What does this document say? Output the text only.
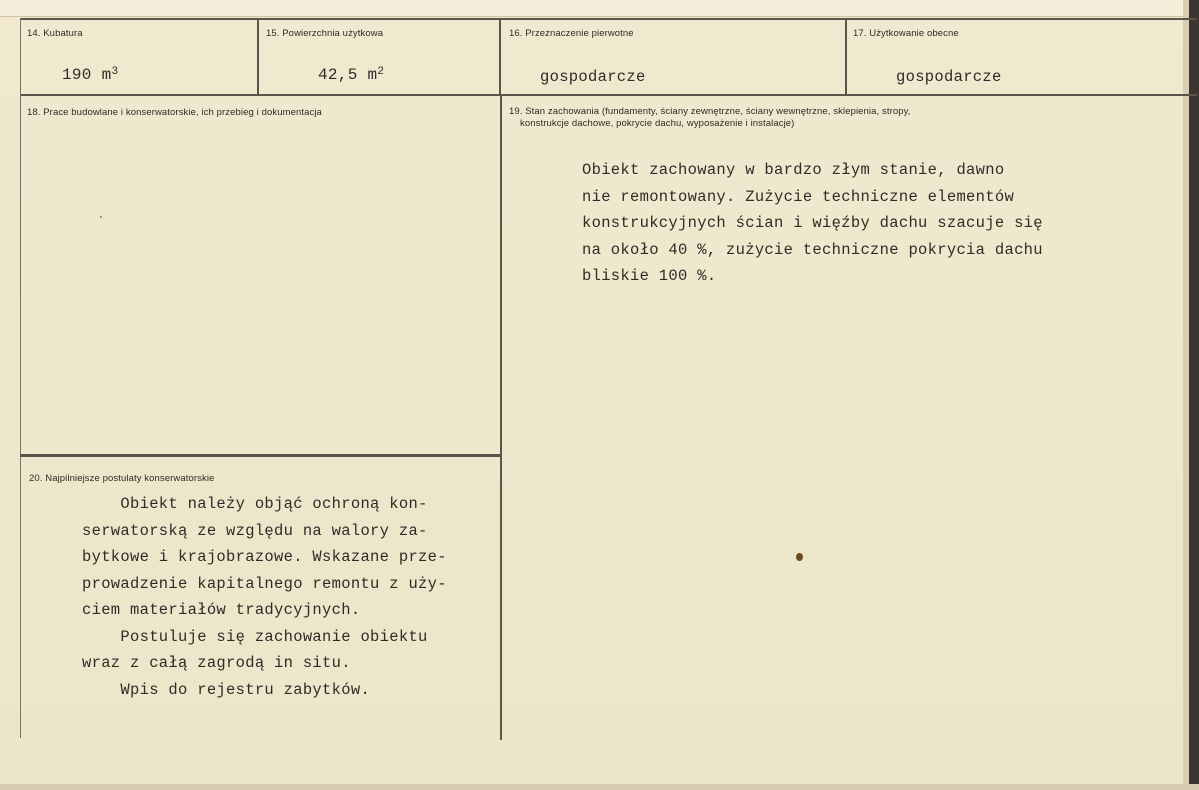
14. Kubatura
190 $m^3$
15. Powierzchnia użytkowa
42,5 $m^2$
16. Przeznaczenie pierwotne
gospodarcze
17. Użytkowanie obecne
gospodarcze
18. Prace budowlane i konserwatorskie, ich przebieg i dokumentacja	19. Stan zachowania (fundamenty, ściany zewnętrzne, ściany wewnętrzne, sklepienia, stropy,
konstrukcje dachowe, pokrycie dachu, wyposażenie i instalacje)
Obiekt zachowany w bardzo złym stanie, dawno
nie remontowany. Zużycie techniczne elementów
konstrukcyjnych ścian i więźby dachu szacuje się
na około 40 %, zużycie techniczne pokrycia dachu
bliskie 100 %.
20. Najpilniejsze postulaty konserwatorskie
Obiekt należy objąć ochroną kon-
serwatorską ze względu na walory za-
bytkowe i krajobrazowe. Wskazane prze-
prowadzenie kapitalnego remontu z uży-
ciem materiałów tradycyjnych.
Postuluje się zachowanie obiektu
wraz z całą zagrodą in situ.
Wpis do rejestru zabytków.
